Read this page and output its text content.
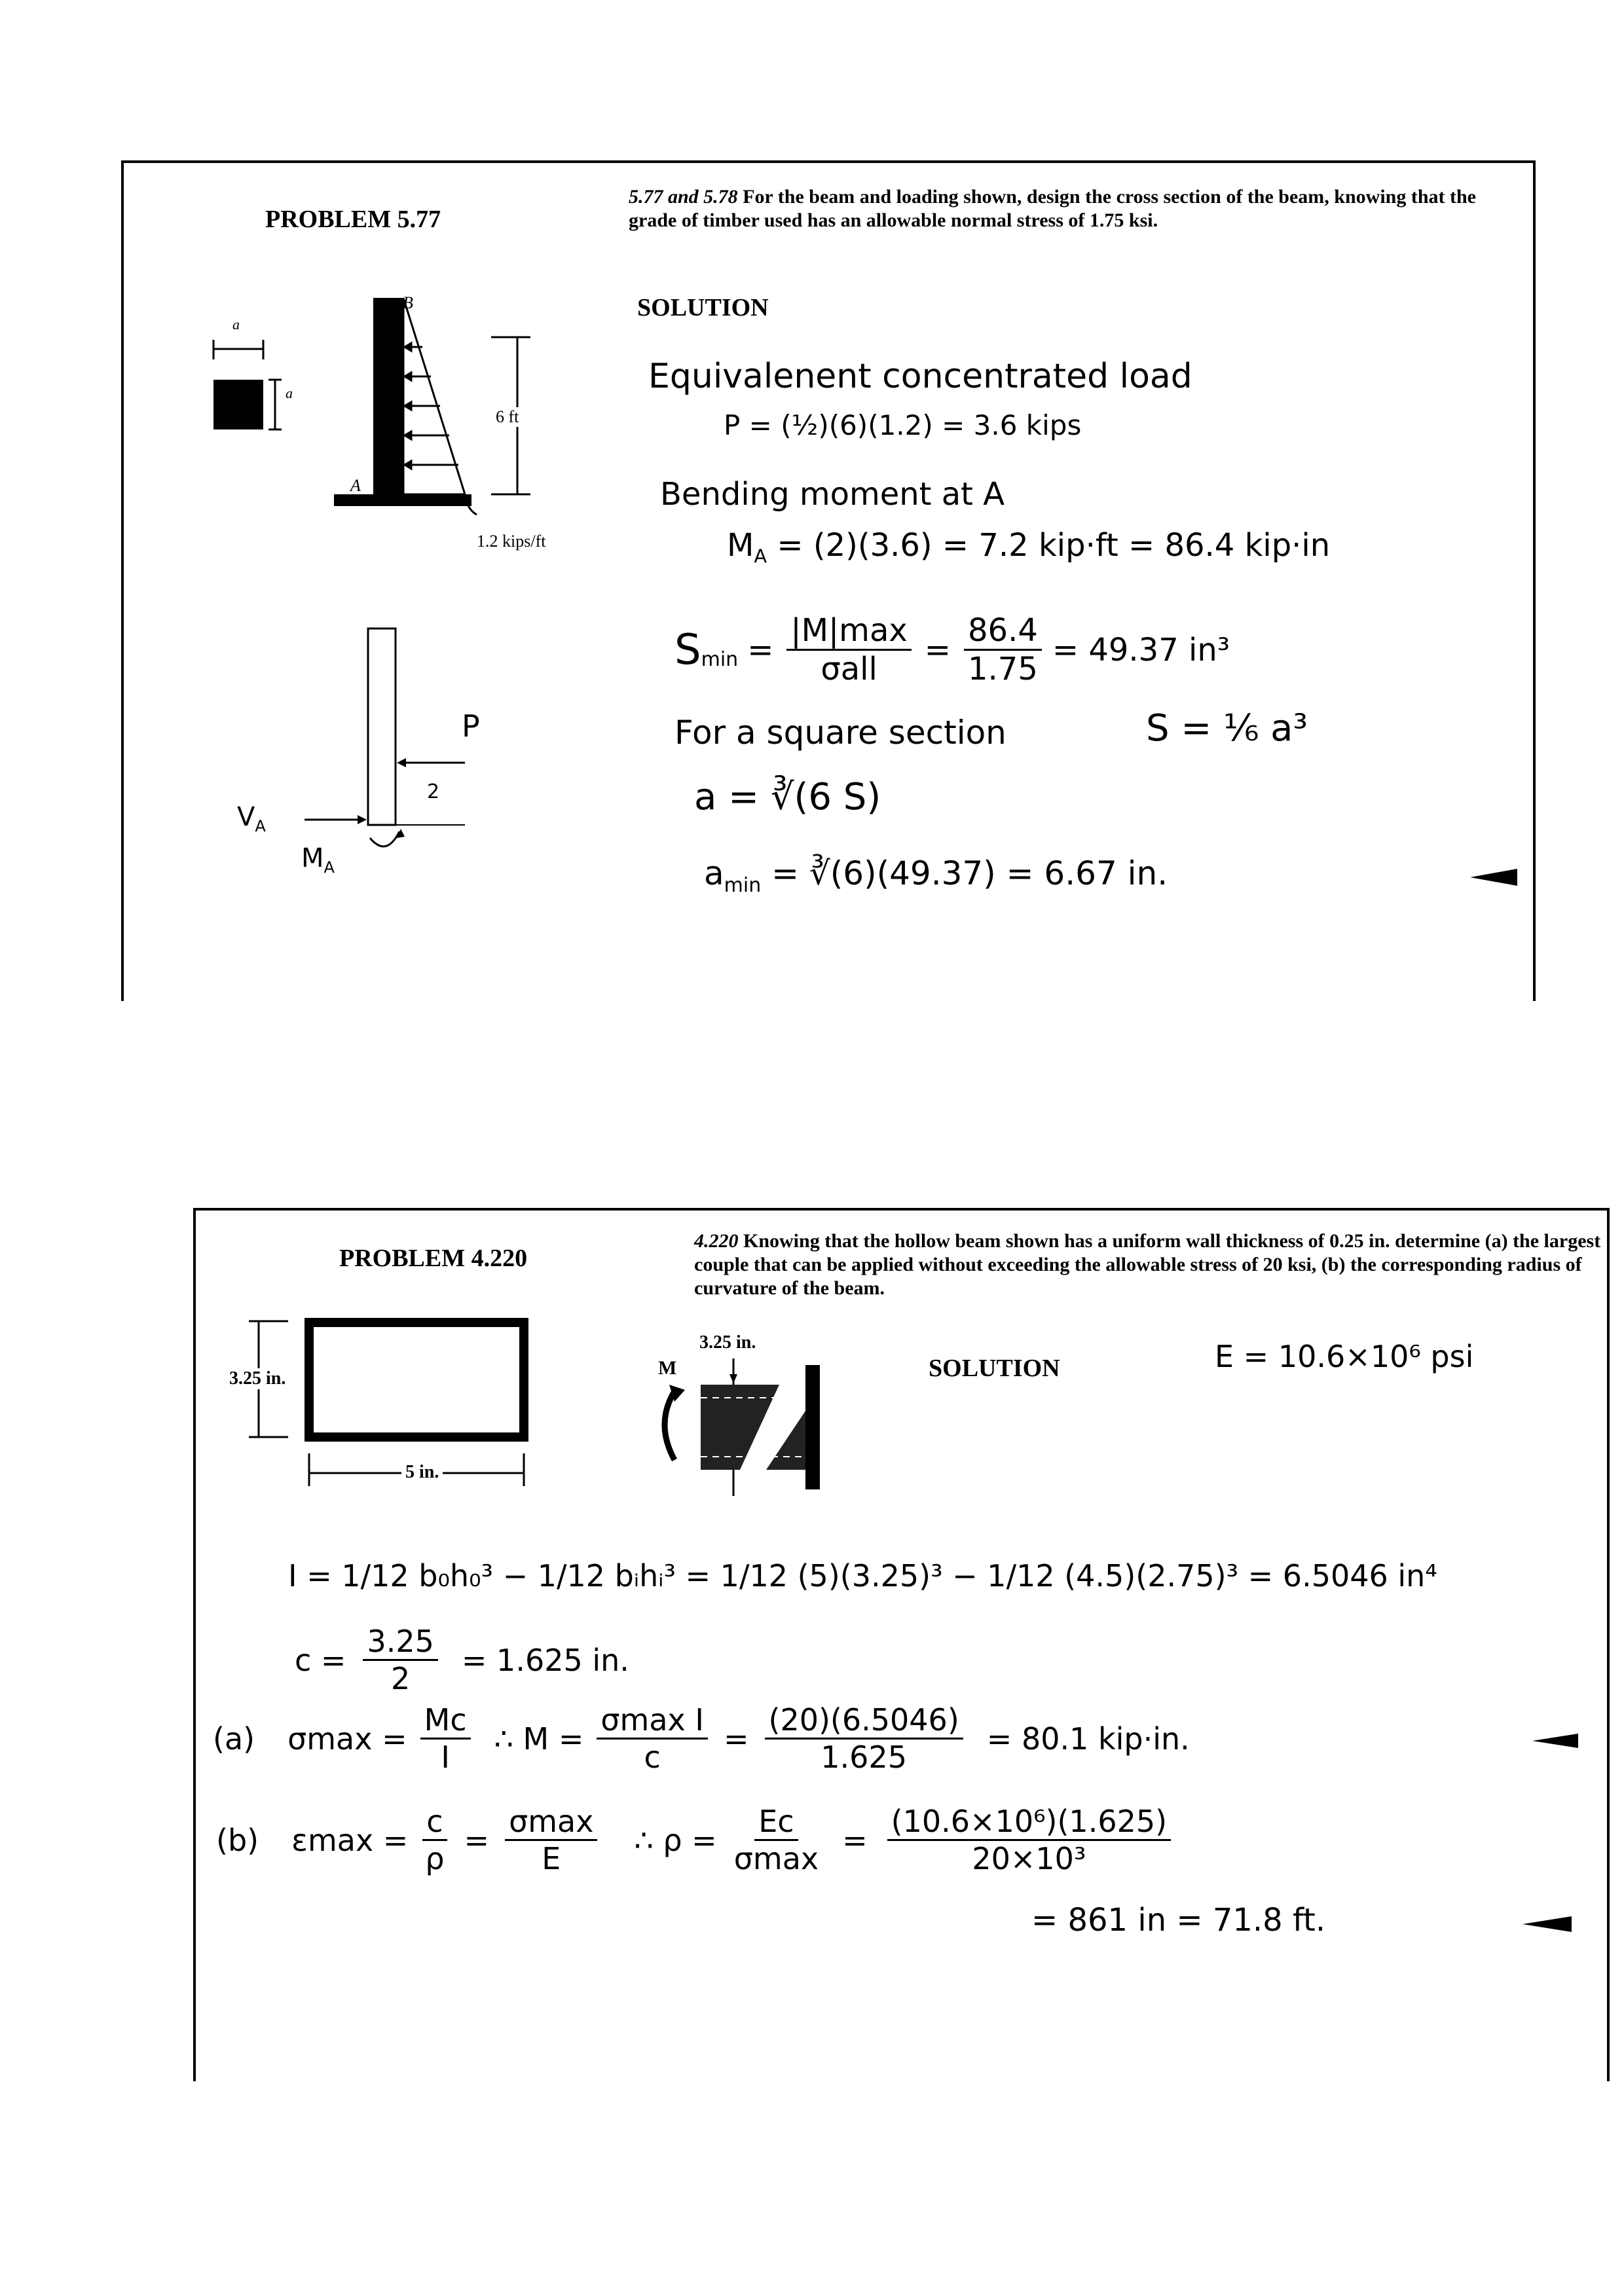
PROBLEM 5.77
5.77 and 5.78 For the beam and loading shown, design the cross section of the beam, knowing that the grade of timber used has an allowable normal stress of 1.75 ksi.
SOLUTION
a
a
B
A
6 ft
1.2 kips/ft
P
2
$V_A$
$M_A$
Equivalenent concentrated load
P = (½)(6)(1.2) = 3.6 kips
Bending moment at A
$M_A = (2)(3.6) = 7.2$ kip·ft = 86.4 kip·in
$S_{min} = \frac{|M|\max}{\text{σall}} = \frac{86.4}{1.75} = 49.37$ in³
For a square section	S = ⅙ a³
a = ∛(6 S)
$a_{min}$ = ∛(6)(49.37) = 6.67 in.
PROBLEM 4.220
4.220 Knowing that the hollow beam shown has a uniform wall thickness of 0.25 in. determine (a) the largest couple that can be applied without exceeding the allowable stress of 20 ksi, (b) the corresponding radius of curvature of the beam.
SOLUTION	E = 10.6×10⁶ psi
3.25 in.
5 in.
3.25 in.
M
I = 1/12 b₀h₀³ − 1/12 bᵢhᵢ³ = 1/12 (5)(3.25)³ − 1/12 (4.5)(2.75)³ = 6.5046 in⁴
$c = \frac{3.25}{2} = 1.625$ in.
(a) $\sigma\max = \frac{Mc}{I}$ ∴ $M = \frac{\text{σmax I}}{c} = \frac{(20)(6.5046)}{1.625} = 80.1$ kip·in.
(b) $\varepsilon\max = \frac{c}{\rho} = \frac{\sigma\max}{E}$ ∴ $\rho = \frac{Ec}{\sigma\max} = \frac{\text{(10.6×10⁶)(1.625)}}{\text{20×10³}}$
= 861 in = 71.8 ft.
